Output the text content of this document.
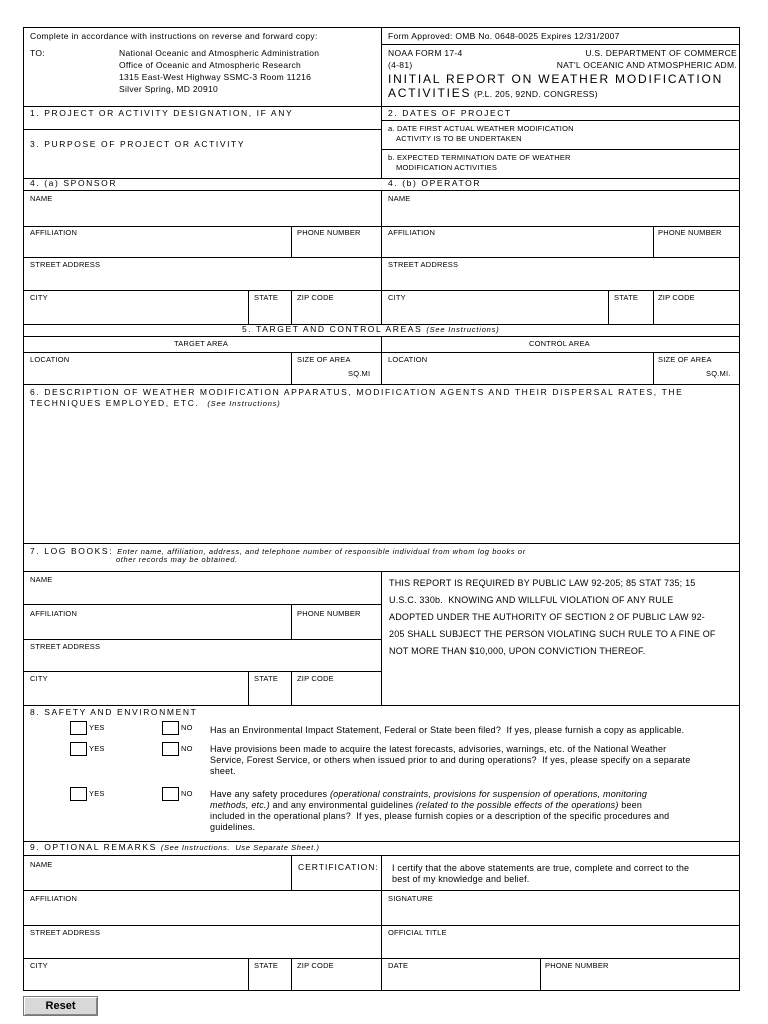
Complete in accordance with instructions on reverse and forward copy:
TO:	National Oceanic and Atmospheric Administration
Office of Oceanic and Atmospheric Research
1315 East-West Highway SSMC-3 Room 11216
Silver Spring, MD 20910
Form Approved: OMB No. 0648-0025 Expires 12/31/2007
NOAA FORM 17-4	U.S. DEPARTMENT OF COMMERCE
(4-81)	NAT'L OCEANIC AND ATMOSPHERIC ADM.
INITIAL REPORT ON WEATHER MODIFICATION
ACTIVITIES (P.L. 205, 92ND. CONGRESS)
1. PROJECT OR ACTIVITY DESIGNATION, IF ANY
3. PURPOSE OF PROJECT OR ACTIVITY
2. DATES OF PROJECT
a. DATE FIRST ACTUAL WEATHER MODIFICATION
ACTIVITY IS TO BE UNDERTAKEN
b. EXPECTED TERMINATION DATE OF WEATHER
MODIFICATION ACTIVITIES
4. (a) SPONSOR	4. (b) OPERATOR
NAME	NAME
AFFILIATION	PHONE NUMBER	AFFILIATION	PHONE NUMBER
STREET ADDRESS	STREET ADDRESS
CITY	STATE	ZIP CODE	CITY	STATE	ZIP CODE
5. TARGET AND CONTROL AREAS (See Instructions)
TARGET AREA	CONTROL AREA
LOCATION	SIZE OF AREA
SQ.MI
LOCATION	SIZE OF AREA
SQ.MI.
6. DESCRIPTION OF WEATHER MODIFICATION APPARATUS, MODIFICATION AGENTS AND THEIR DISPERSAL RATES, THE
TECHNIQUES EMPLOYED, ETC. (See Instructions)
7. LOG BOOKS: Enter name, affiliation, address, and telephone number of responsible individual from whom log books or
other records may be obtained.
NAME
AFFILIATION	PHONE NUMBER
STREET ADDRESS
CITY	STATE	ZIP CODE
THIS REPORT IS REQUIRED BY PUBLIC LAW 92-205; 85 STAT 735; 15
U.S.C. 330b.  KNOWING AND WILLFUL VIOLATION OF ANY RULE
ADOPTED UNDER THE AUTHORITY OF SECTION 2 OF PUBLIC LAW 92-
205 SHALL SUBJECT THE PERSON VIOLATING SUCH RULE TO A FINE OF
NOT MORE THAN $10,000, UPON CONVICTION THEREOF.
8. SAFETY AND ENVIRONMENT
YES	NO Has an Environmental Impact Statement, Federal or State been filed?  If yes, please furnish a copy as applicable.
YES	NO Have provisions been made to acquire the latest forecasts, advisories, warnings, etc. of the National Weather
Service, Forest Service, or others when issued prior to and during operations?  If yes, please specify on a separate
sheet.
YES	NO Have any safety procedures (operational constraints, provisions for suspension of operations, monitoring
methods, etc.) and any environmental guidelines (related to the possible effects of the operations) been
included in the operational plans?  If yes, please furnish copies or a description of the specific procedures and
guidelines.
9. OPTIONAL REMARKS (See Instructions.  Use Separate Sheet.)
NAME	CERTIFICATION: I certify that the above statements are true, complete and correct to the
best of my knowledge and belief.
AFFILIATION	SIGNATURE
STREET ADDRESS	OFFICIAL TITLE
CITY	STATE	ZIP CODE	DATE	PHONE NUMBER
Reset
